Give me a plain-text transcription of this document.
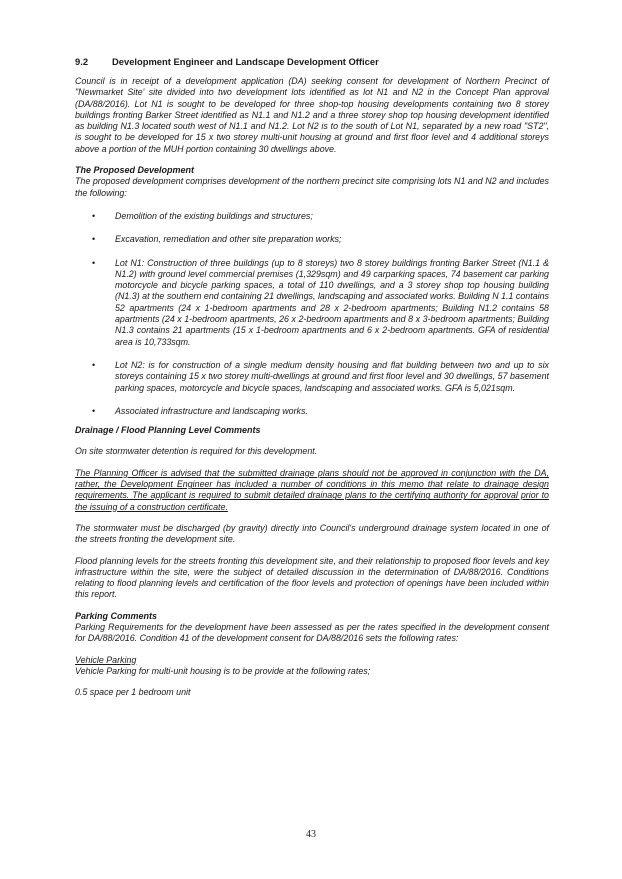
9.2	Development Engineer and Landscape Development Officer

Council is in receipt of a development application (DA) seeking consent for development of Northern Precinct of "Newmarket Site' site divided into two development lots identified as lot N1 and N2 in the Concept Plan approval (DA/88/2016). Lot N1 is sought to be developed for three shop-top housing developments containing two 8 storey buildings fronting Barker Street identified as N1.1 and N1.2 and a three storey shop top housing development identified as building N1.3 located south west of N1.1 and N1.2. Lot N2 is to the south of Lot N1, separated by a new road "ST2", is sought to be developed for 15 x two storey multi-unit housing at ground and first floor level and 4 additional storeys above a portion of the MUH portion containing 30 dwellings above.

The Proposed Development

The proposed development comprises development of the northern precinct site comprising lots N1 and N2 and includes the following:

• Demolition of the existing buildings and structures;

• Excavation, remediation and other site preparation works;

• Lot N1: Construction of three buildings (up to 8 storeys) two 8 storey buildings fronting Barker Street (N1.1 & N1.2) with ground level commercial premises (1,329sqm) and 49 carparking spaces, 74 basement car parking motorcycle and bicycle parking spaces, a total of 110 dwellings, and a 3 storey shop top housing building (N1.3) at the southern end containing 21 dwellings, landscaping and associated works. Building N 1.1 contains 52 apartments (24 x 1-bedroom apartments and 28 x 2-bedroom apartments; Building N1.2 contains 58 apartments (24 x 1-bedroom apartments, 26 x 2-bedroom apartments and 8 x 3-bedroom apartments; Building N1.3 contains 21 apartments (15 x 1-bedroom apartments and 6 x 2-bedroom apartments. GFA of residential area is 10,733sqm.

• Lot N2: is for construction of a single medium density housing and flat building between two and up to six storeys containing 15 x two storey multi-dwellings at ground and first floor level and 30 dwellings, 57 basement parking spaces, motorcycle and bicycle spaces, landscaping and associated works. GFA is 5,021sqm.

• Associated infrastructure and landscaping works.

Drainage / Flood Planning Level Comments

On site stormwater detention is required for this development.

The Planning Officer is advised that the submitted drainage plans should not be approved in conjunction with the DA, rather, the Development Engineer has included a number of conditions in this memo that relate to drainage design requirements. The applicant is required to submit detailed drainage plans to the certifying authority for approval prior to the issuing of a construction certificate.

The stormwater must be discharged (by gravity) directly into Council's underground drainage system located in one of the streets fronting the development site.

Flood planning levels for the streets fronting this development site, and their relationship to proposed floor levels and key infrastructure within the site, were the subject of detailed discussion in the determination of DA/88/2016. Conditions relating to flood planning levels and certification of the floor levels and protection of openings have been included within this report.

Parking Comments

Parking Requirements for the development have been assessed as per the rates specified in the development consent for DA/88/2016. Condition 41 of the development consent for DA/88/2016 sets the following rates:

Vehicle Parking

Vehicle Parking for multi-unit housing is to be provide at the following rates;

0.5 space per 1 bedroom unit

43
